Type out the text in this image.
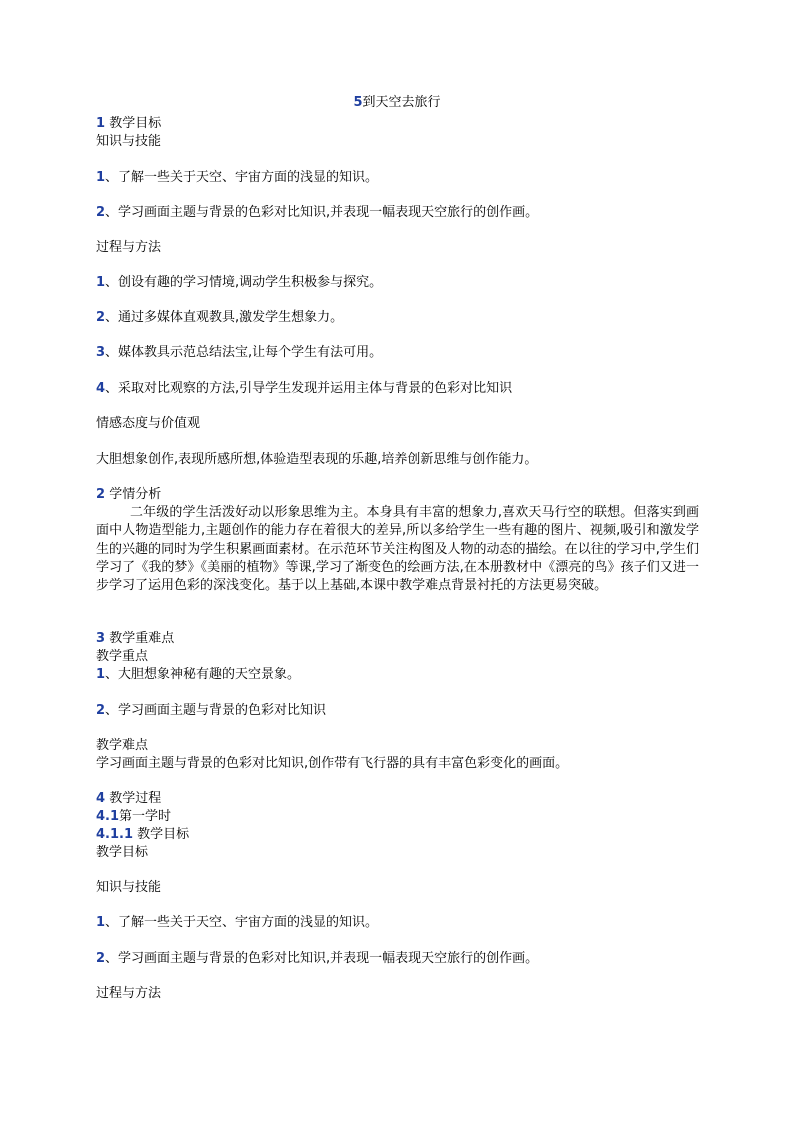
5到天空去旅行
1 教学目标
知识与技能
1、了解一些关于天空、宇宙方面的浅显的知识。
2、学习画面主题与背景的色彩对比知识,并表现一幅表现天空旅行的创作画。
过程与方法
1、创设有趣的学习情境,调动学生积极参与探究。
2、通过多媒体直观教具,激发学生想象力。
3、媒体教具示范总结法宝,让每个学生有法可用。
4、采取对比观察的方法,引导学生发现并运用主体与背景的色彩对比知识
情感态度与价值观
大胆想象创作,表现所感所想,体验造型表现的乐趣,培养创新思维与创作能力。
2 学情分析
二年级的学生活泼好动以形象思维为主。本身具有丰富的想象力,喜欢天马行空的联想。但落实到画面中人物造型能力,主题创作的能力存在着很大的差异,所以多给学生一些有趣的图片、视频,吸引和激发学生的兴趣的同时为学生积累画面素材。在示范环节关注构图及人物的动态的描绘。在以往的学习中,学生们学习了《我的梦》《美丽的植物》等课,学习了渐变色的绘画方法,在本册教材中《漂亮的鸟》孩子们又进一步学习了运用色彩的深浅变化。基于以上基础,本课中教学难点背景衬托的方法更易突破。
3 教学重难点
教学重点
1、大胆想象神秘有趣的天空景象。
2、学习画面主题与背景的色彩对比知识
教学难点
学习画面主题与背景的色彩对比知识,创作带有飞行器的具有丰富色彩变化的画面。
4 教学过程
4.1第一学时
4.1.1 教学目标
教学目标
知识与技能
1、了解一些关于天空、宇宙方面的浅显的知识。
2、学习画面主题与背景的色彩对比知识,并表现一幅表现天空旅行的创作画。
过程与方法
